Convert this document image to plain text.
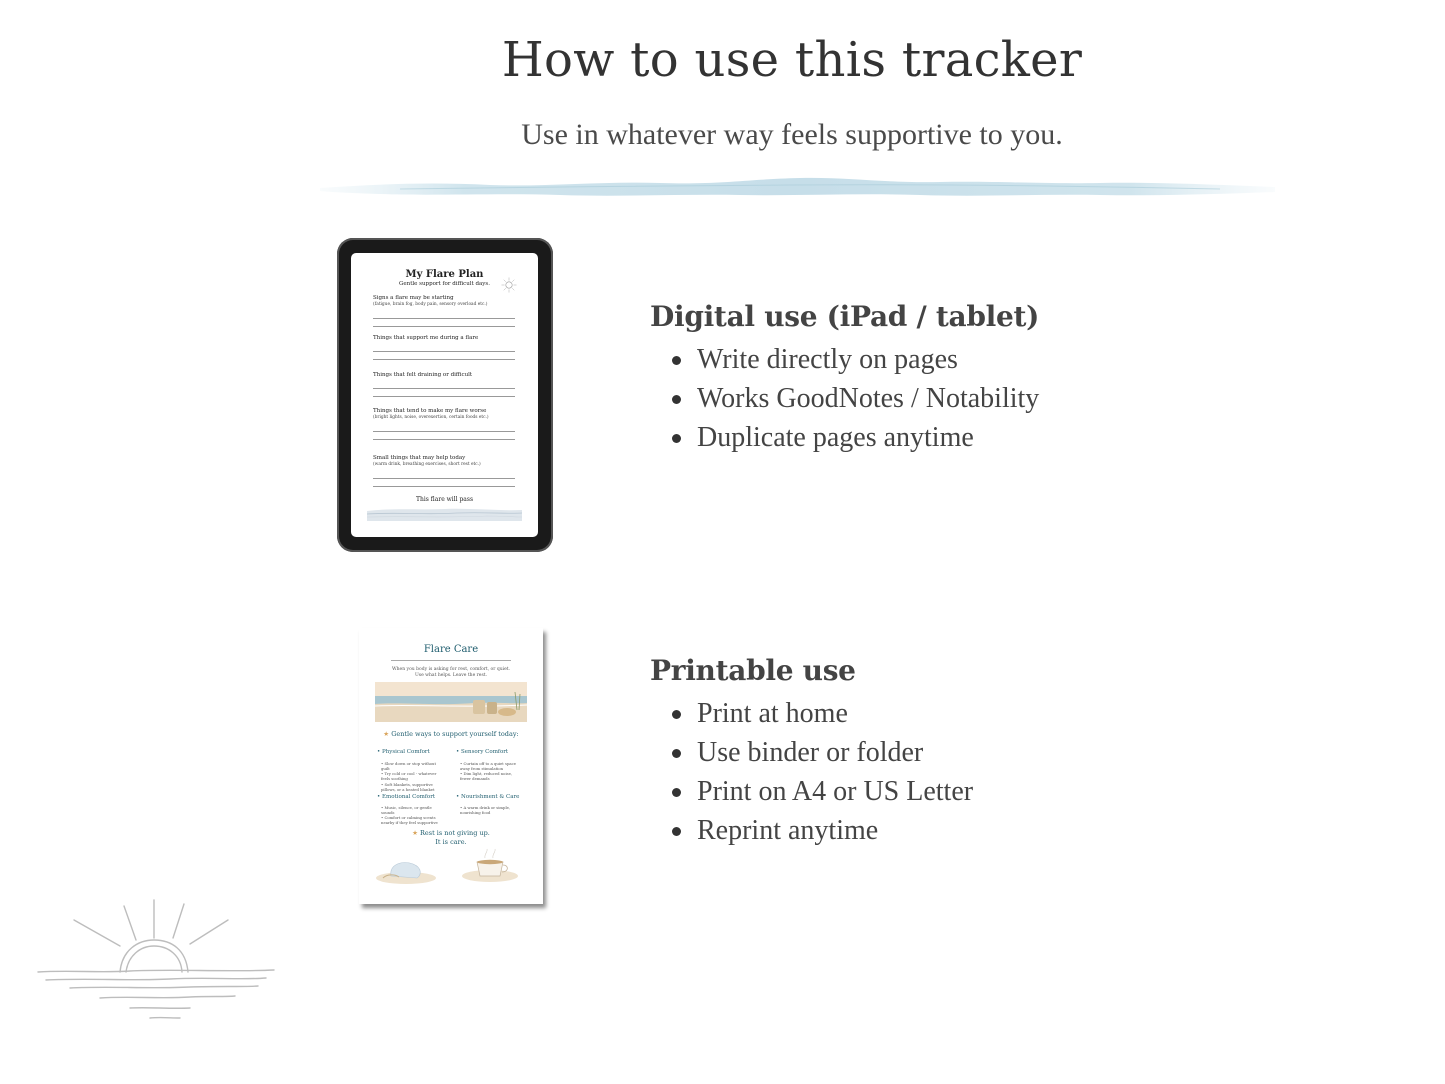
How to use this tracker
Use in whatever way feels supportive to you.
My Flare Plan
Gentle support for difficult days.
Signs a flare may be starting
(fatigue, brain fog, body pain, sensory overload etc.)
Things that support me during a flare
Things that felt draining or difficult
Things that tend to make my flare worse
(bright lights, noise, overexertion, certain foods etc.)
Small things that may help today
(warm drink, breathing exercises, short rest etc.)
This flare will pass
Flare Care
When you body is asking for rest, comfort, or quiet.
Use what helps. Leave the rest.
★ Gentle ways to support yourself today:
• Physical Comfort
• Slow down or stop without guilt
• Try cold or cool - whatever feels soothing
• Soft blankets, supportive pillows, or a heated blanket
• Sensory Comfort
• Curtain off to a quiet space away from stimulation
• Dim light, reduced noise, fewer demands
• Emotional Comfort
• Music, silence, or gentle sounds
• Comfort or calming scents nearby if they feel supportive
• Nourishment & Care
• A warm drink or simple, nourishing food
★ Rest is not giving up.
It is care.
Digital use (iPad / tablet)
Write directly on pages
Works GoodNotes / Notability
Duplicate pages anytime
Printable use
Print at home
Use binder or folder
Print on A4 or US Letter
Reprint anytime
